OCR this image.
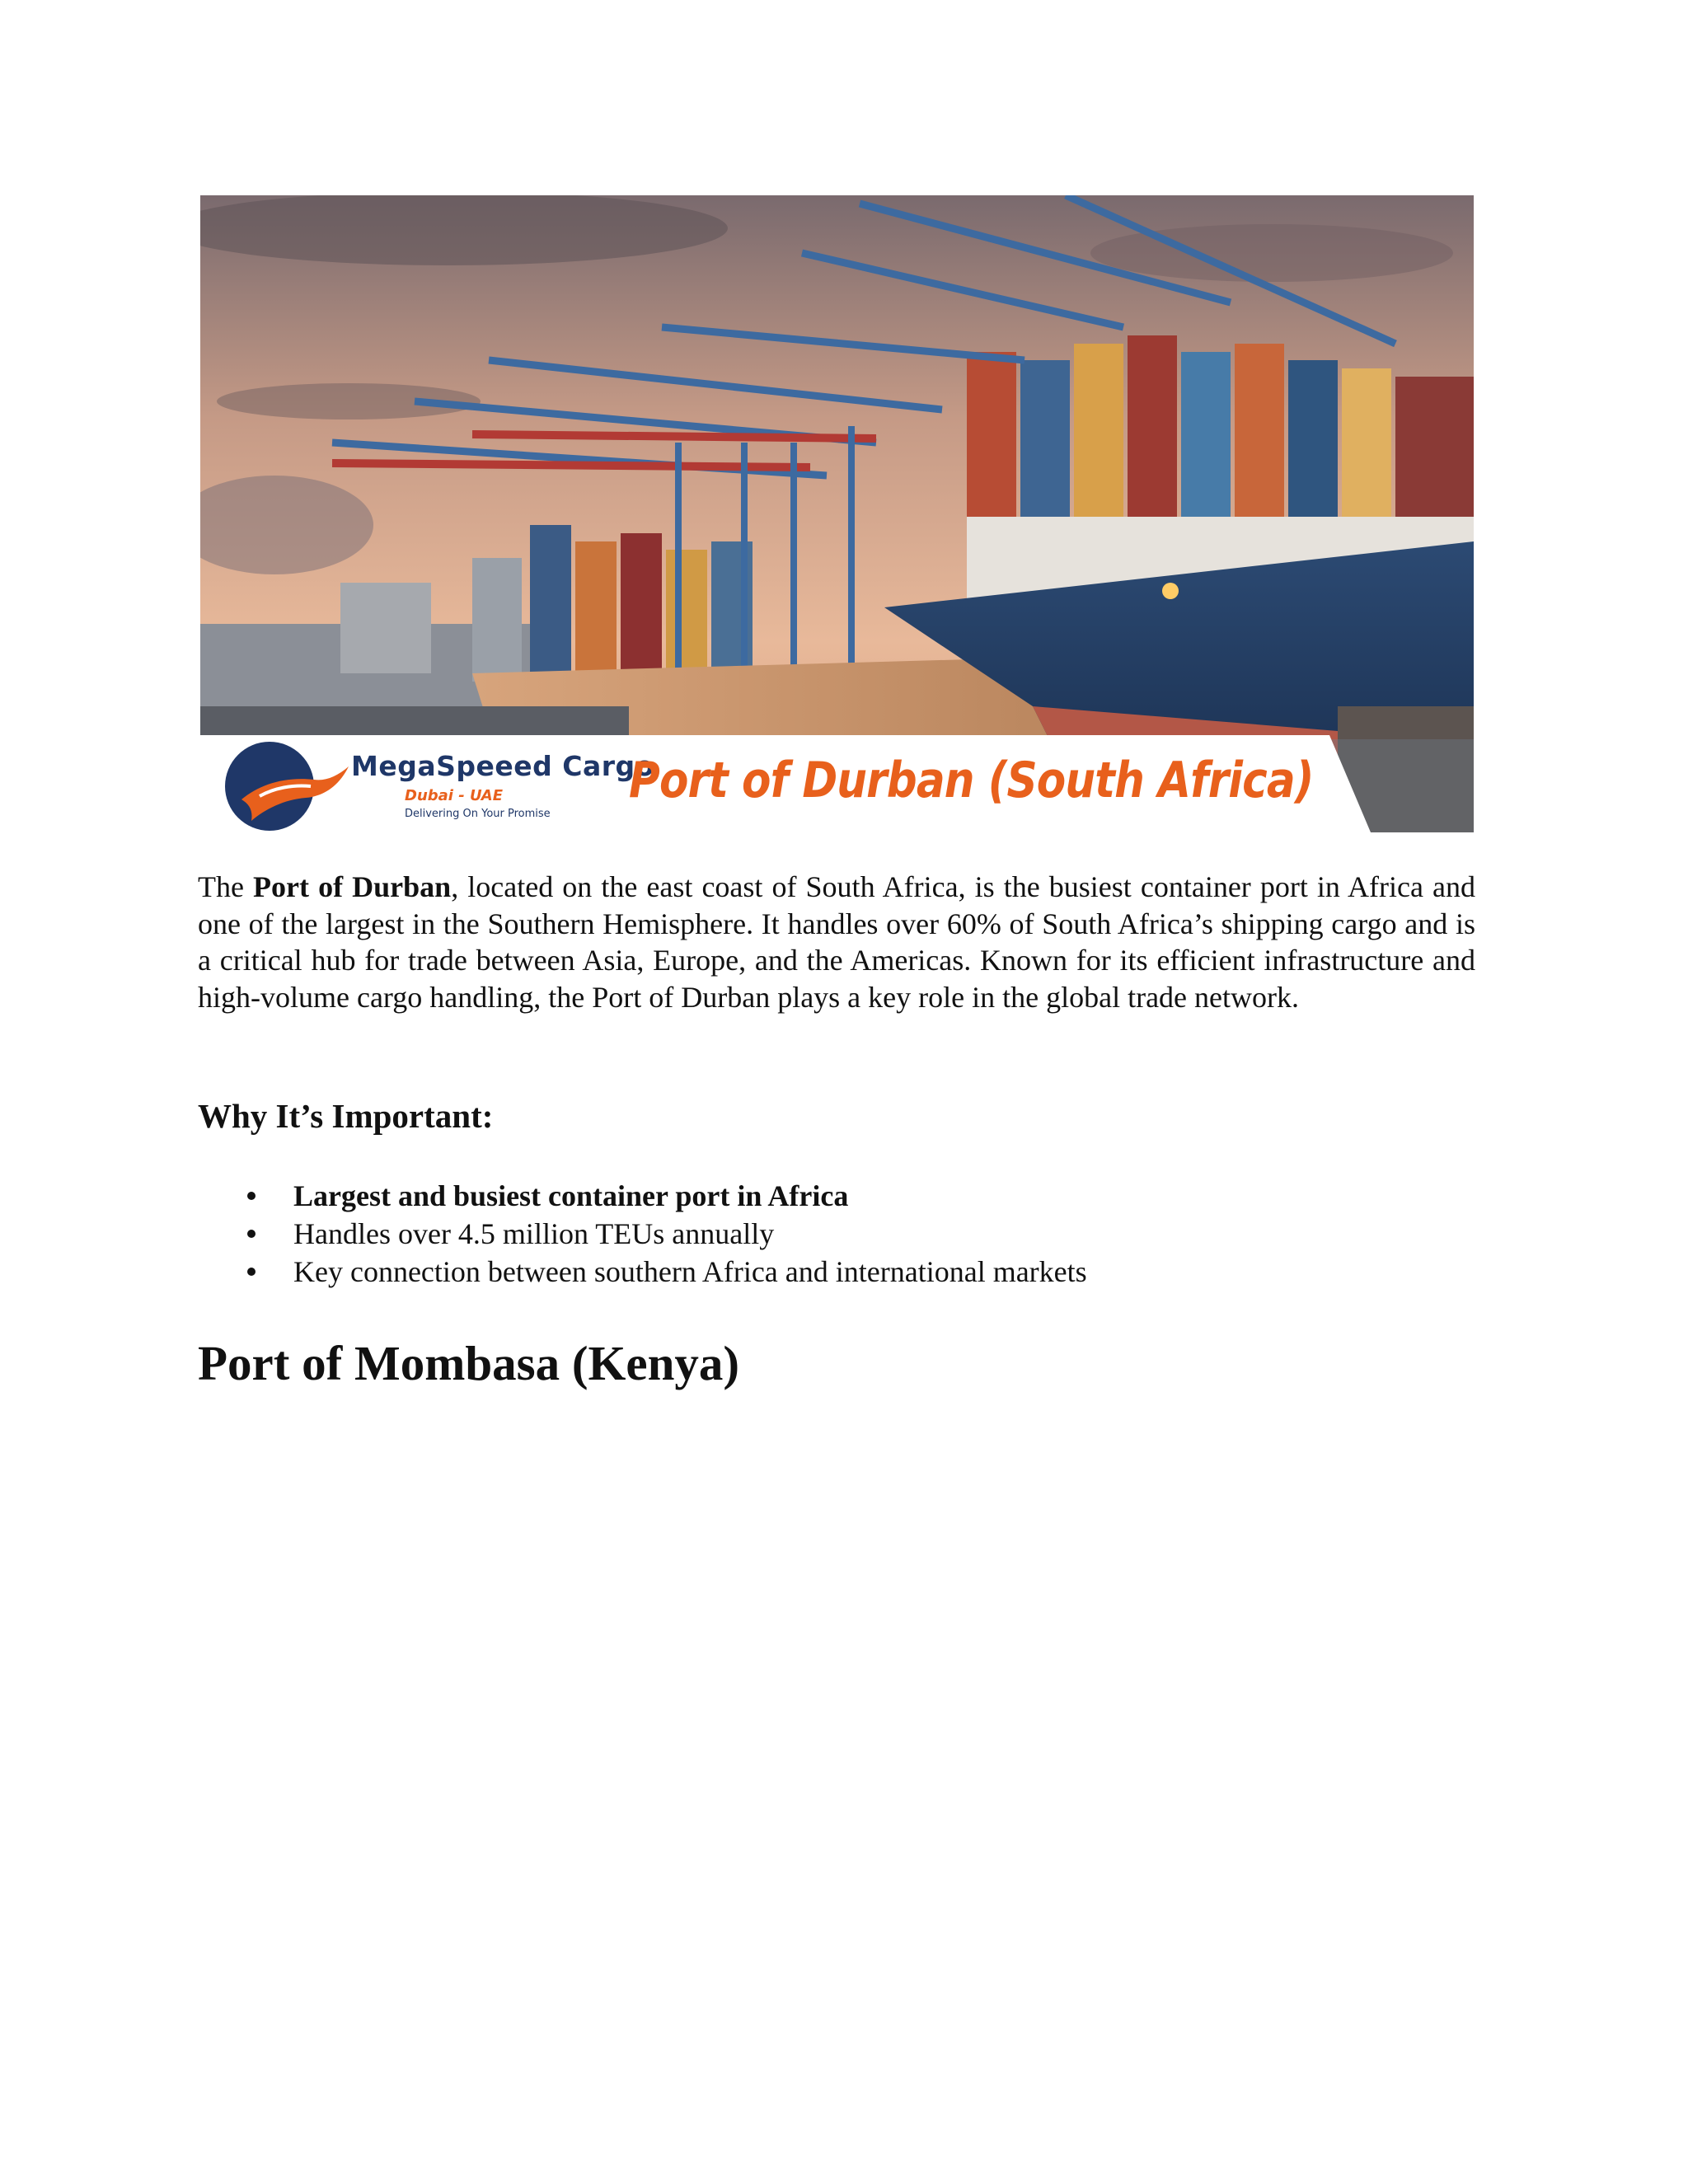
MegaSpeeed Cargo
Dubai - UAE
Delivering On Your Promise
Port of Durban (South Africa)

The Port of Durban, located on the east coast of South Africa, is the busiest container port in Africa and one of the largest in the Southern Hemisphere. It handles over 60% of South Africa’s shipping cargo and is a critical hub for trade between Asia, Europe, and the Americas. Known for its efficient infrastructure and high-volume cargo handling, the Port of Durban plays a key role in the global trade network.

Why It’s Important:
Largest and busiest container port in Africa
Handles over 4.5 million TEUs annually
Key connection between southern Africa and international markets
Port of Mombasa (Kenya)
